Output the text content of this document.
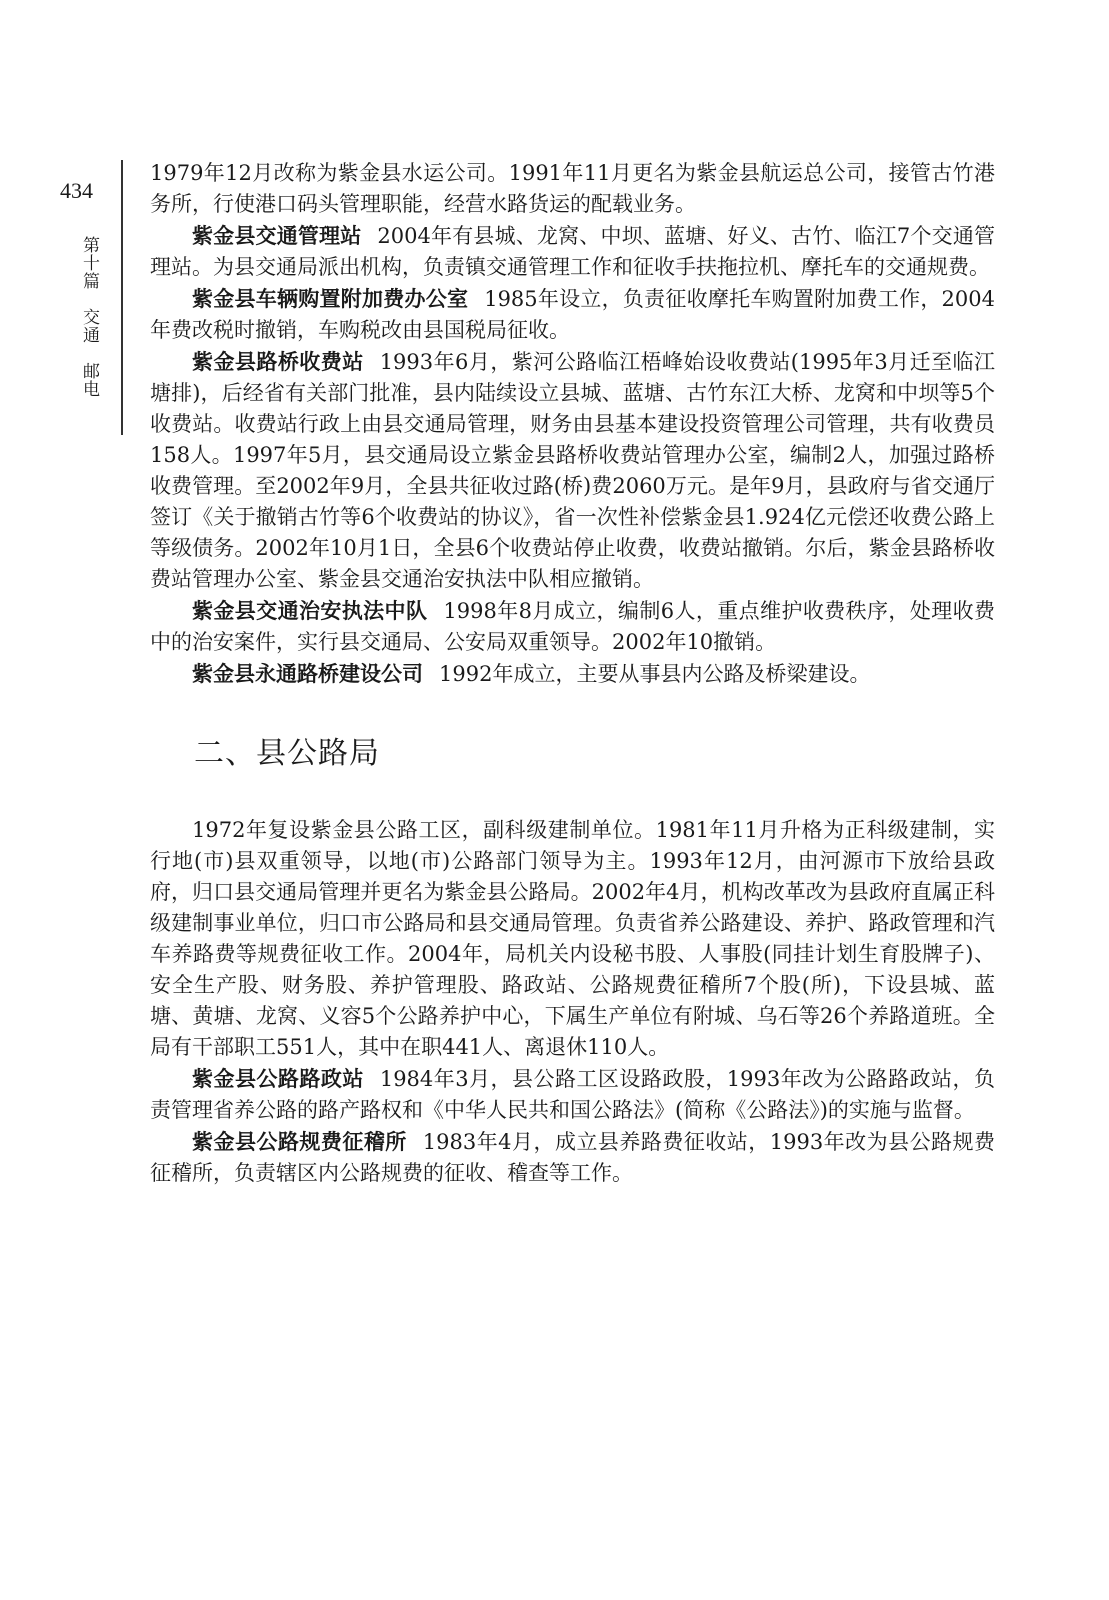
434
第十篇　交通　邮电

1979年12月改称为紫金县水运公司。1991年11月更名为紫金县航运总公司，接管古竹港务所，行使港口码头管理职能，经营水路货运的配载业务。

紫金县交通管理站 2004年有县城、龙窝、中坝、蓝塘、好义、古竹、临江7个交通管理站。为县交通局派出机构，负责镇交通管理工作和征收手扶拖拉机、摩托车的交通规费。

紫金县车辆购置附加费办公室 1985年设立，负责征收摩托车购置附加费工作，2004年费改税时撤销，车购税改由县国税局征收。

紫金县路桥收费站 1993年6月，紫河公路临江梧峰始设收费站(1995年3月迁至临江塘排)，后经省有关部门批准，县内陆续设立县城、蓝塘、古竹东江大桥、龙窝和中坝等5个收费站。收费站行政上由县交通局管理，财务由县基本建设投资管理公司管理，共有收费员158人。1997年5月，县交通局设立紫金县路桥收费站管理办公室，编制2人，加强过路桥收费管理。至2002年9月，全县共征收过路(桥)费2060万元。是年9月，县政府与省交通厅签订《关于撤销古竹等6个收费站的协议》，省一次性补偿紫金县1.924亿元偿还收费公路上等级债务。2002年10月1日，全县6个收费站停止收费，收费站撤销。尔后，紫金县路桥收费站管理办公室、紫金县交通治安执法中队相应撤销。

紫金县交通治安执法中队 1998年8月成立，编制6人，重点维护收费秩序，处理收费中的治安案件，实行县交通局、公安局双重领导。2002年10撤销。

紫金县永通路桥建设公司 1992年成立，主要从事县内公路及桥梁建设。

二、县公路局

1972年复设紫金县公路工区，副科级建制单位。1981年11月升格为正科级建制，实行地(市)县双重领导，以地(市)公路部门领导为主。1993年12月，由河源市下放给县政府，归口县交通局管理并更名为紫金县公路局。2002年4月，机构改革改为县政府直属正科级建制事业单位，归口市公路局和县交通局管理。负责省养公路建设、养护、路政管理和汽车养路费等规费征收工作。2004年，局机关内设秘书股、人事股(同挂计划生育股牌子)、安全生产股、财务股、养护管理股、路政站、公路规费征稽所7个股(所)，下设县城、蓝塘、黄塘、龙窝、义容5个公路养护中心，下属生产单位有附城、乌石等26个养路道班。全局有干部职工551人，其中在职441人、离退休110人。

紫金县公路路政站 1984年3月，县公路工区设路政股，1993年改为公路路政站，负责管理省养公路的路产路权和《中华人民共和国公路法》(简称《公路法》)的实施与监督。

紫金县公路规费征稽所 1983年4月，成立县养路费征收站，1993年改为县公路规费征稽所，负责辖区内公路规费的征收、稽查等工作。
